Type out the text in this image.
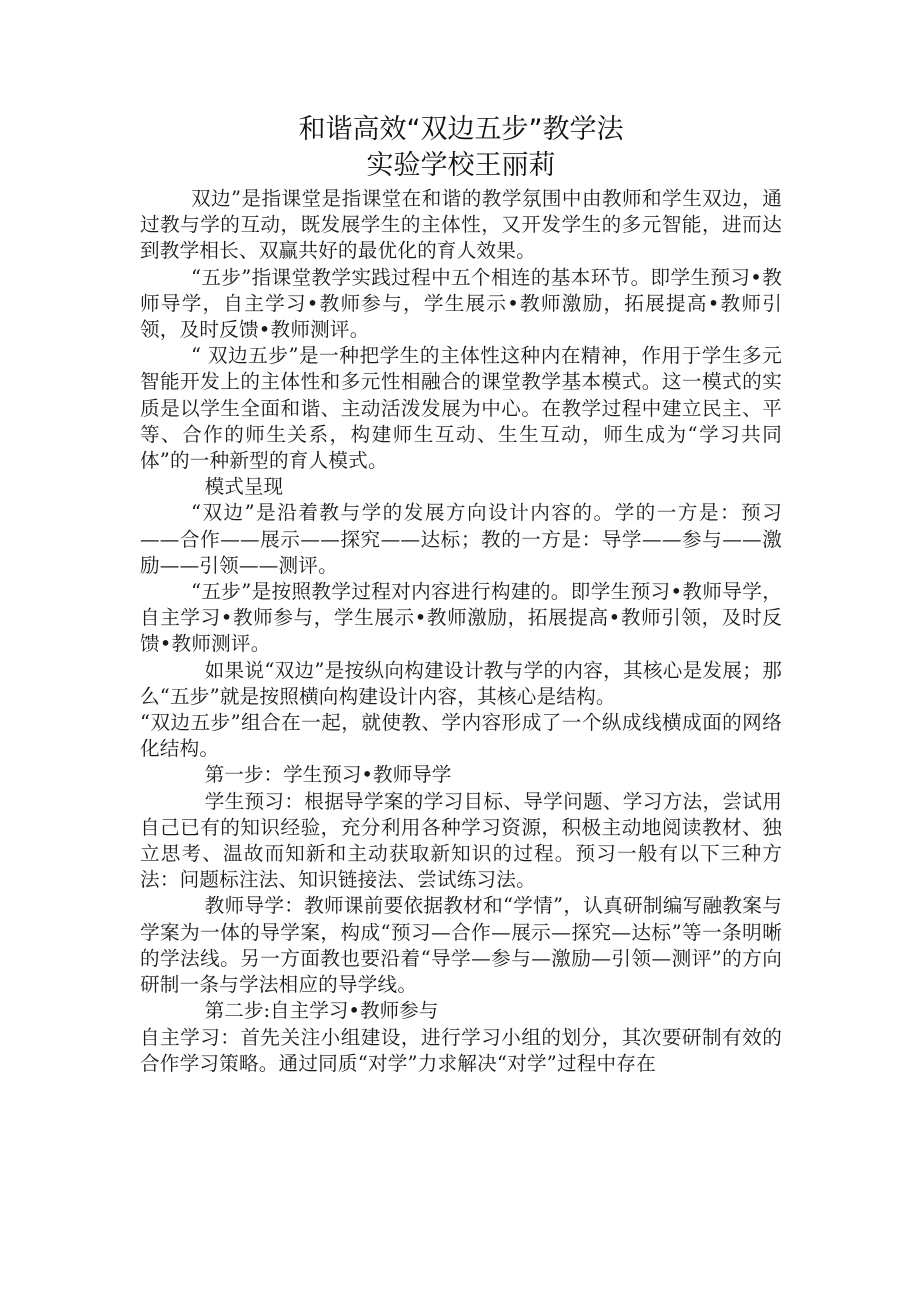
和谐高效“双边五步”教学法
实验学校王丽莉

双边”是指课堂是指课堂在和谐的教学氛围中由教师和学生双边，通过教与学的互动，既发展学生的主体性，又开发学生的多元智能，进而达到教学相长、双赢共好的最优化的育人效果。

“五步”指课堂教学实践过程中五个相连的基本环节。即学生预习•教师导学，自主学习•教师参与，学生展示•教师激励，拓展提高•教师引领，及时反馈•教师测评。

“ 双边五步”是一种把学生的主体性这种内在精神，作用于学生多元智能开发上的主体性和多元性相融合的课堂教学基本模式。这一模式的实质是以学生全面和谐、主动活泼发展为中心。在教学过程中建立民主、平等、合作的师生关系，构建师生互动、生生互动，师生成为“学习共同体”的一种新型的育人模式。

模式呈现

“双边”是沿着教与学的发展方向设计内容的。学的一方是：预习——合作——展示——探究——达标；教的一方是：导学——参与——激励——引领——测评。

“五步”是按照教学过程对内容进行构建的。即学生预习•教师导学，自主学习•教师参与，学生展示•教师激励，拓展提高•教师引领，及时反馈•教师测评。

如果说“双边”是按纵向构建设计教与学的内容，其核心是发展；那么“五步”就是按照横向构建设计内容，其核心是结构。

“双边五步”组合在一起，就使教、学内容形成了一个纵成线横成面的网络化结构。

第一步：学生预习•教师导学

学生预习：根据导学案的学习目标、导学问题、学习方法，尝试用自己已有的知识经验，充分利用各种学习资源，积极主动地阅读教材、独立思考、温故而知新和主动获取新知识的过程。预习一般有以下三种方法：问题标注法、知识链接法、尝试练习法。

教师导学：教师课前要依据教材和“学情”，认真研制编写融教案与学案为一体的导学案，构成“预习—合作—展示—探究—达标”等一条明晰的学法线。另一方面教也要沿着“导学—参与—激励—引领—测评”的方向研制一条与学法相应的导学线。

第二步:自主学习•教师参与

自主学习：首先关注小组建设，进行学习小组的划分，其次要研制有效的合作学习策略。通过同质“对学”力求解决“对学”过程中存在
